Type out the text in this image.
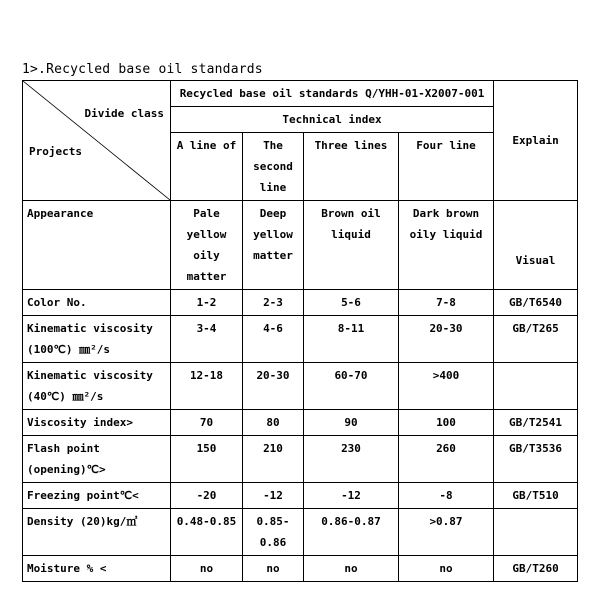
1>.Recycled base oil standards
Divide class
Projects	Recycled base oil standards Q/YHH-01-X2007-001				Explain
	Technical index				
	A line of	The second line	Three lines	Four line	
Appearance	Pale yellow oily matter	Deep yellow matter	Brown oil liquid	Dark brown oily liquid	Visual
Color No.	1-2	2-3	5-6	7-8	GB/T6540
Kinematic viscosity (100℃) ㎜²/s	3-4	4-6	8-11	20-30	GB/T265
Kinematic viscosity (40℃) ㎜²/s	12-18	20-30	60-70	>400	
Viscosity index>	70	80	90	100	GB/T2541
Flash point (opening)℃>	150	210	230	260	GB/T3536
Freezing point℃<	-20	-12	-12	-8	GB/T510
Density (20)kg/㎥	0.48-0.85	0.85-0.86	0.86-0.87	>0.87	
Moisture % <	no	no	no	no	GB/T260
